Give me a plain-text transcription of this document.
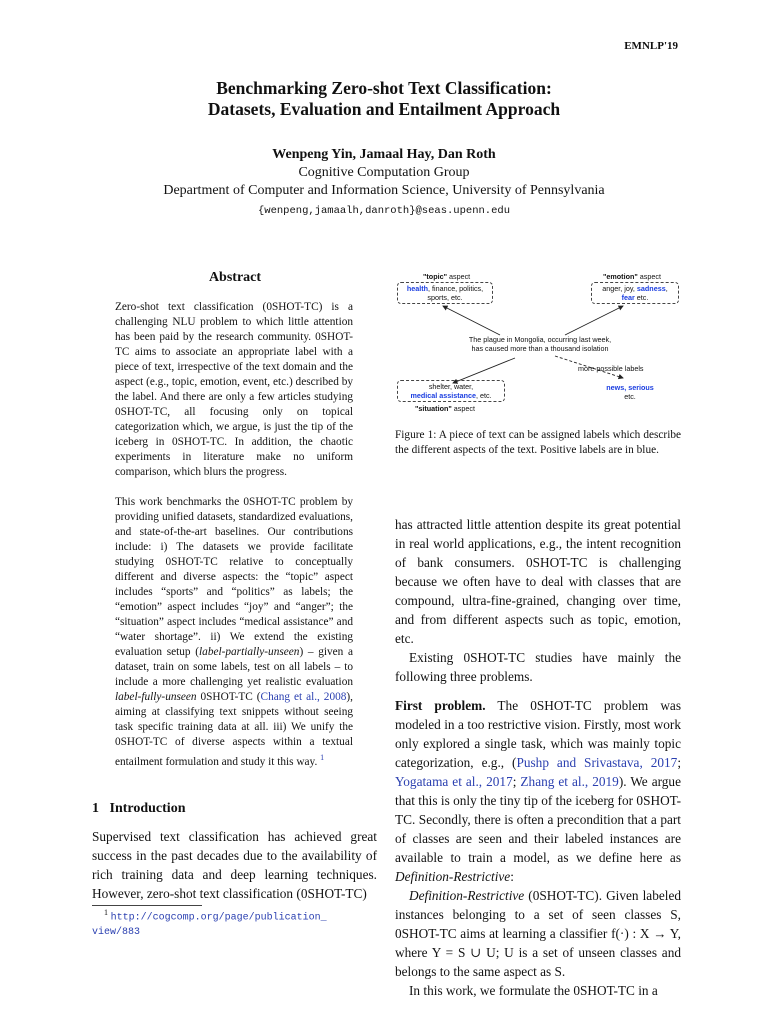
EMNLP'19
Benchmarking Zero-shot Text Classification:
Datasets, Evaluation and Entailment Approach
Wenpeng Yin, Jamaal Hay, Dan Roth
Cognitive Computation Group
Department of Computer and Information Science, University of Pennsylvania
{wenpeng,jamaalh,danroth}@seas.upenn.edu
Abstract
Zero-shot text classification (0SHOT-TC) is a challenging NLU problem to which little attention has been paid by the research community. 0SHOT-TC aims to associate an appropriate label with a piece of text, irrespective of the text domain and the aspect (e.g., topic, emotion, event, etc.) described by the label. And there are only a few articles studying 0SHOT-TC, all focusing only on topical categorization which, we argue, is just the tip of the iceberg in 0SHOT-TC. In addition, the chaotic experiments in literature make no uniform comparison, which blurs the progress.
This work benchmarks the 0SHOT-TC problem by providing unified datasets, standardized evaluations, and state-of-the-art baselines. Our contributions include: i) The datasets we provide facilitate studying 0SHOT-TC relative to conceptually different and diverse aspects: the “topic” aspect includes “sports” and “politics” as labels; the “emotion” aspect includes “joy” and “anger”; the “situation” aspect includes “medical assistance” and “water shortage”. ii) We extend the existing evaluation setup (label-partially-unseen) – given a dataset, train on some labels, test on all labels – to include a more challenging yet realistic evaluation label-fully-unseen 0SHOT-TC (Chang et al., 2008), aiming at classifying text snippets without seeing task specific training data at all. iii) We unify the 0SHOT-TC of diverse aspects within a textual entailment formulation and study it this way. $^1$
1 Introduction
Supervised text classification has achieved great success in the past decades due to the availability of rich training data and deep learning techniques. However, zero-shot text classification (0SHOT-TC)
$^1$ http://cogcomp.org/page/publication_
view/883
"topic" aspect
health, finance, politics,
sports, etc.
"emotion" aspect
anger, joy, sadness,
fear etc.
The plague in Mongolia, occurring last week,
has caused more than a thousand isolation
more possible labels
shelter, water,
medical assistance, etc.
"situation" aspect
news, serious
etc.
Figure 1: A piece of text can be assigned labels which describe the different aspects of the text. Positive labels are in blue.

has attracted little attention despite its great potential in real world applications, e.g., the intent recognition of bank consumers. 0SHOT-TC is challenging because we often have to deal with classes that are compound, ultra-fine-grained, changing over time, and from different aspects such as topic, emotion, etc.

Existing 0SHOT-TC studies have mainly the following three problems.

First problem. The 0SHOT-TC problem was modeled in a too restrictive vision. Firstly, most work only explored a single task, which was mainly topic categorization, e.g., (Pushp and Srivastava, 2017; Yogatama et al., 2017; Zhang et al., 2019). We argue that this is only the tiny tip of the iceberg for 0SHOT-TC. Secondly, there is often a precondition that a part of classes are seen and their labeled instances are available to train a model, as we define here as Definition-Restrictive:

Definition-Restrictive (0SHOT-TC). Given labeled instances belonging to a set of seen classes S, 0SHOT-TC aims at learning a classifier f(·) : X → Y, where Y = S ∪ U; U is a set of unseen classes and belongs to the same aspect as S.

In this work, we formulate the 0SHOT-TC in a
